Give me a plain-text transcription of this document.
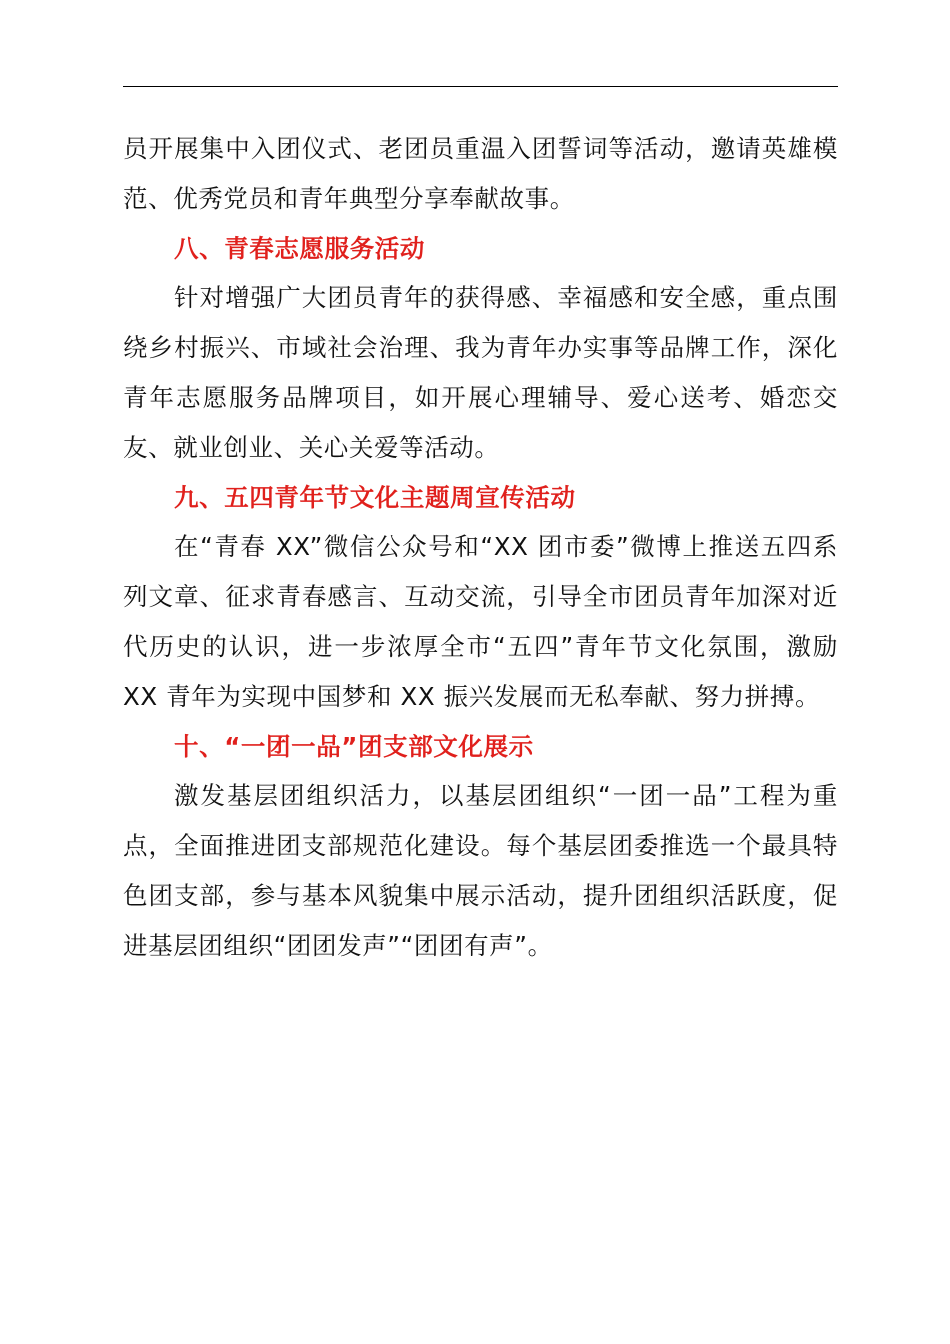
员开展集中入团仪式、老团员重温入团誓词等活动，邀请英雄模范、优秀党员和青年典型分享奉献故事。

八、青春志愿服务活动

针对增强广大团员青年的获得感、幸福感和安全感，重点围绕乡村振兴、市域社会治理、我为青年办实事等品牌工作，深化青年志愿服务品牌项目，如开展心理辅导、爱心送考、婚恋交友、就业创业、关心关爱等活动。

九、五四青年节文化主题周宣传活动

在“青春 XX”微信公众号和“XX 团市委”微博上推送五四系列文章、征求青春感言、互动交流，引导全市团员青年加深对近代历史的认识，进一步浓厚全市“五四”青年节文化氛围，激励 XX 青年为实现中国梦和 XX 振兴发展而无私奉献、努力拼搏。

十、“一团一品”团支部文化展示

激发基层团组织活力，以基层团组织“一团一品”工程为重点，全面推进团支部规范化建设。每个基层团委推选一个最具特色团支部，参与基本风貌集中展示活动，提升团组织活跃度，促进基层团组织“团团发声”“团团有声”。
